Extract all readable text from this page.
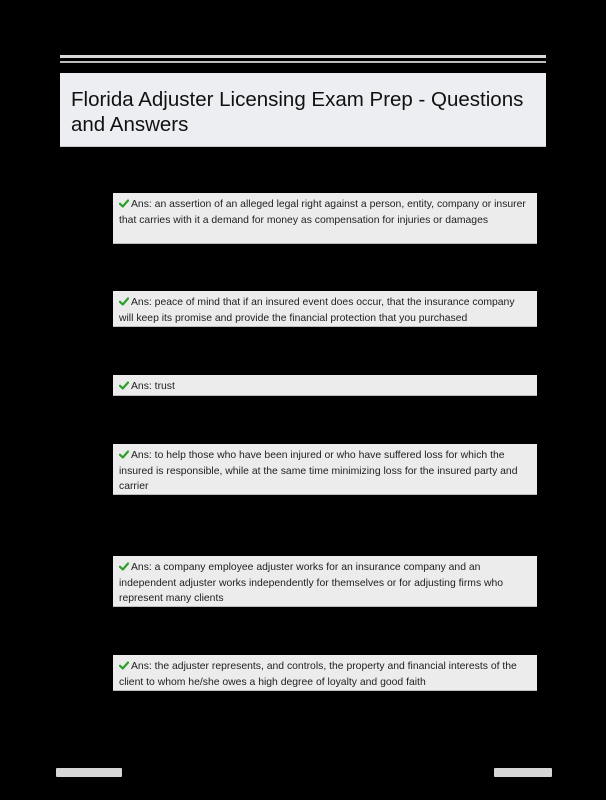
Florida Adjuster Licensing Exam Prep - Questions and Answers
Ans: an assertion of an alleged legal right against a person, entity, company or insurer that carries with it a demand for money as compensation for injuries or damages
Ans: peace of mind that if an insured event does occur, that the insurance company will keep its promise and provide the financial protection that you purchased
Ans: trust
Ans: to help those who have been injured or who have suffered loss for which the insured is responsible, while at the same time minimizing loss for the insured party and carrier
Ans: a company employee adjuster works for an insurance company and an independent adjuster works independently for themselves or for adjusting firms who represent many clients
Ans: the adjuster represents, and controls, the property and financial interests of the client to whom he/she owes a high degree of loyalty and good faith
